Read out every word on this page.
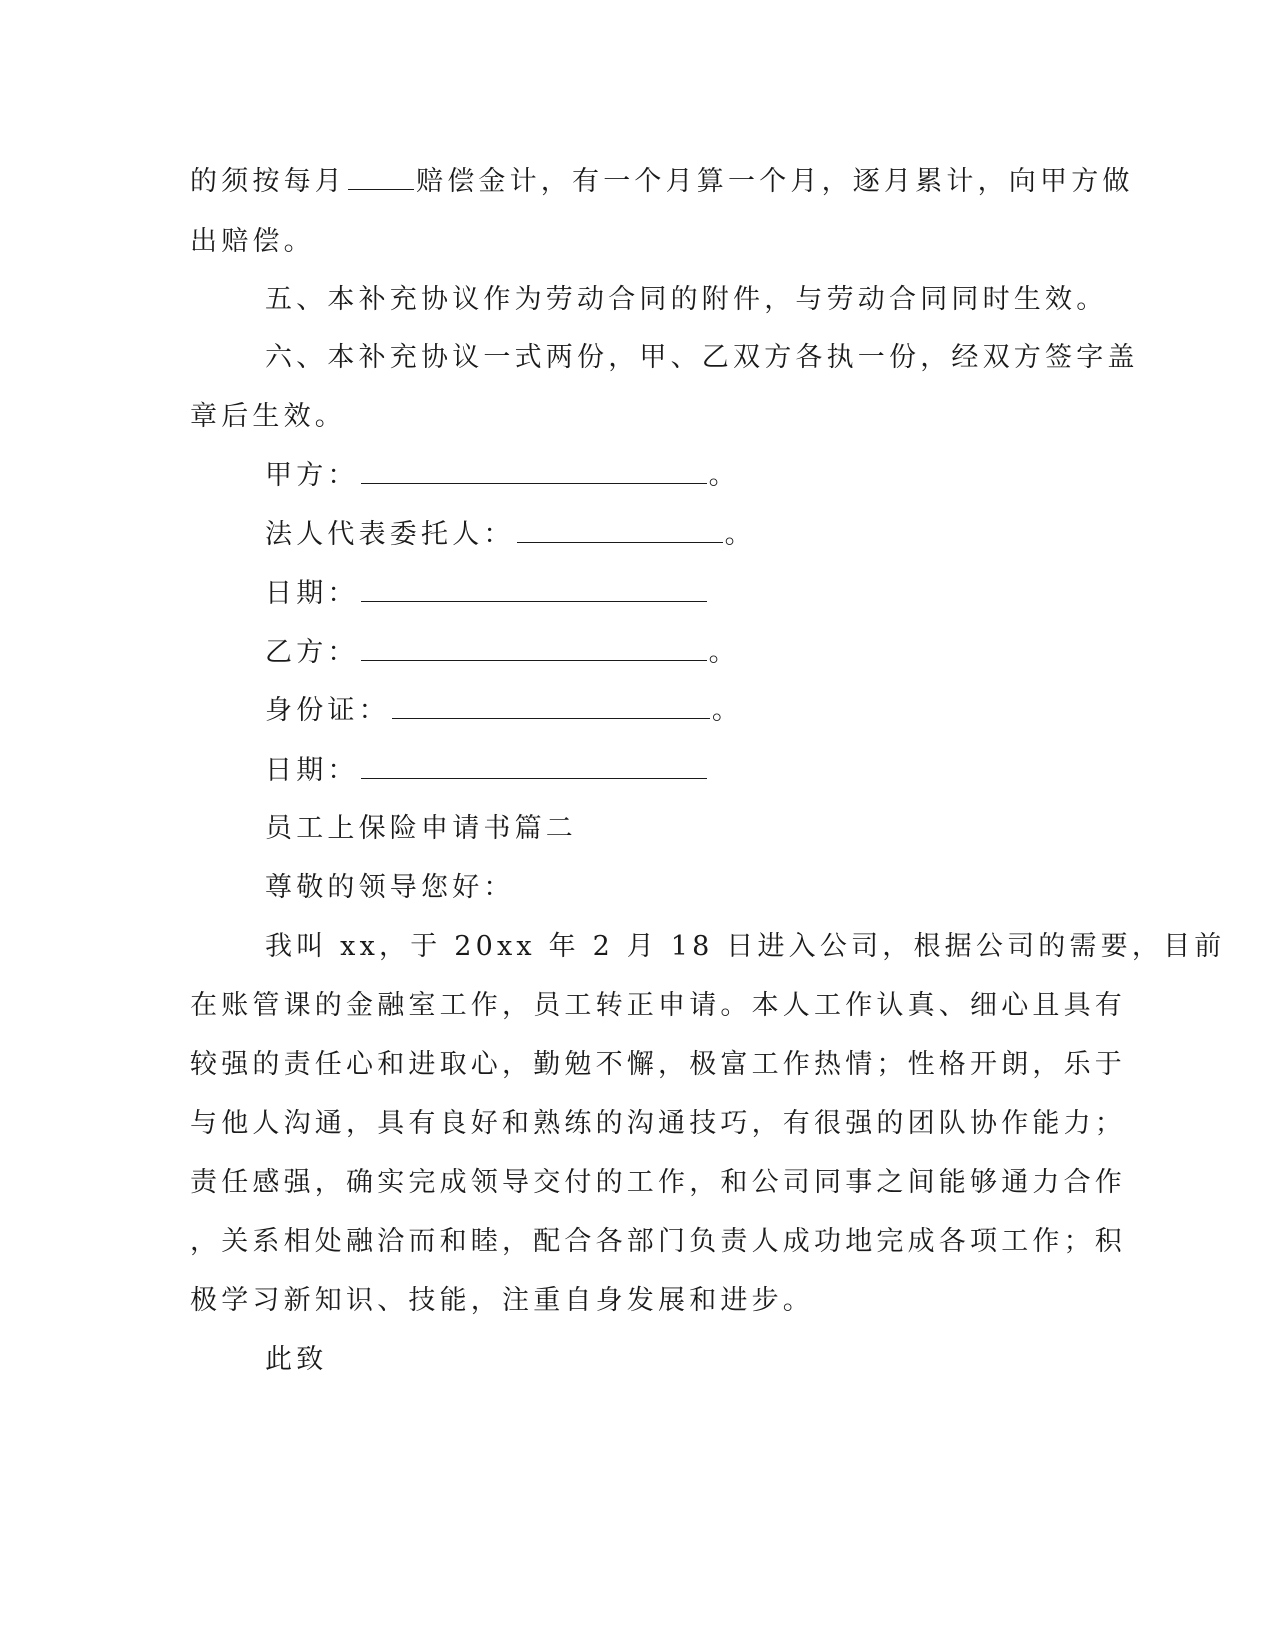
的须按每月	赔偿金计，有一个月算一个月，逐月累计，向甲方做
出赔偿。
五、本补充协议作为劳动合同的附件，与劳动合同同时生效。
六、本补充协议一式两份，甲、乙双方各执一份，经双方签字盖
章后生效。
甲方：	。
法人代表委托人：	。
日期：
乙方：	。
身份证：	。
日期：
员工上保险申请书篇二
尊敬的领导您好：
我叫 xx，于 20xx 年 2 月 18 日进入公司，根据公司的需要，目前
在账管课的金融室工作，员工转正申请。本人工作认真、细心且具有
较强的责任心和进取心，勤勉不懈，极富工作热情；性格开朗，乐于
与他人沟通，具有良好和熟练的沟通技巧，有很强的团队协作能力；
责任感强，确实完成领导交付的工作，和公司同事之间能够通力合作
，关系相处融洽而和睦，配合各部门负责人成功地完成各项工作；积
极学习新知识、技能，注重自身发展和进步。
此致
